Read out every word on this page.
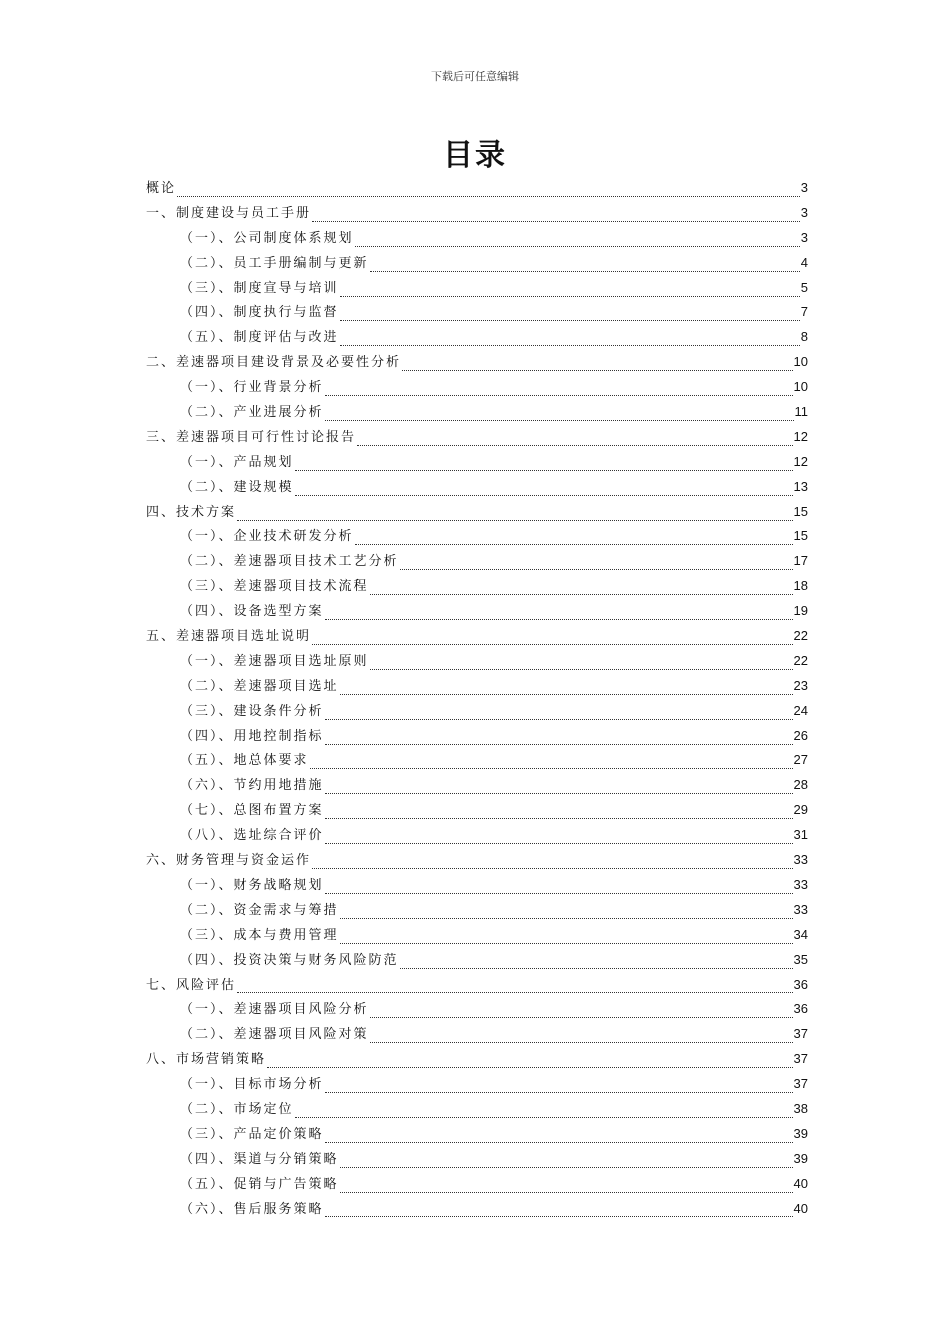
下载后可任意编辑
目录
概论	3
一、制度建设与员工手册	3
（一）、公司制度体系规划	3
（二）、员工手册编制与更新	4
（三）、制度宣导与培训	5
（四）、制度执行与监督	7
（五）、制度评估与改进	8
二、差速器项目建设背景及必要性分析	10
（一）、行业背景分析	10
（二）、产业进展分析	11
三、差速器项目可行性讨论报告	12
（一）、产品规划	12
（二）、建设规模	13
四、技术方案	15
（一）、企业技术研发分析	15
（二）、差速器项目技术工艺分析	17
（三）、差速器项目技术流程	18
（四）、设备选型方案	19
五、差速器项目选址说明	22
（一）、差速器项目选址原则	22
（二）、差速器项目选址	23
（三）、建设条件分析	24
（四）、用地控制指标	26
（五）、地总体要求	27
（六）、节约用地措施	28
（七）、总图布置方案	29
（八）、选址综合评价	31
六、财务管理与资金运作	33
（一）、财务战略规划	33
（二）、资金需求与筹措	33
（三）、成本与费用管理	34
（四）、投资决策与财务风险防范	35
七、风险评估	36
（一）、差速器项目风险分析	36
（二）、差速器项目风险对策	37
八、市场营销策略	37
（一）、目标市场分析	37
（二）、市场定位	38
（三）、产品定价策略	39
（四）、渠道与分销策略	39
（五）、促销与广告策略	40
（六）、售后服务策略	40
